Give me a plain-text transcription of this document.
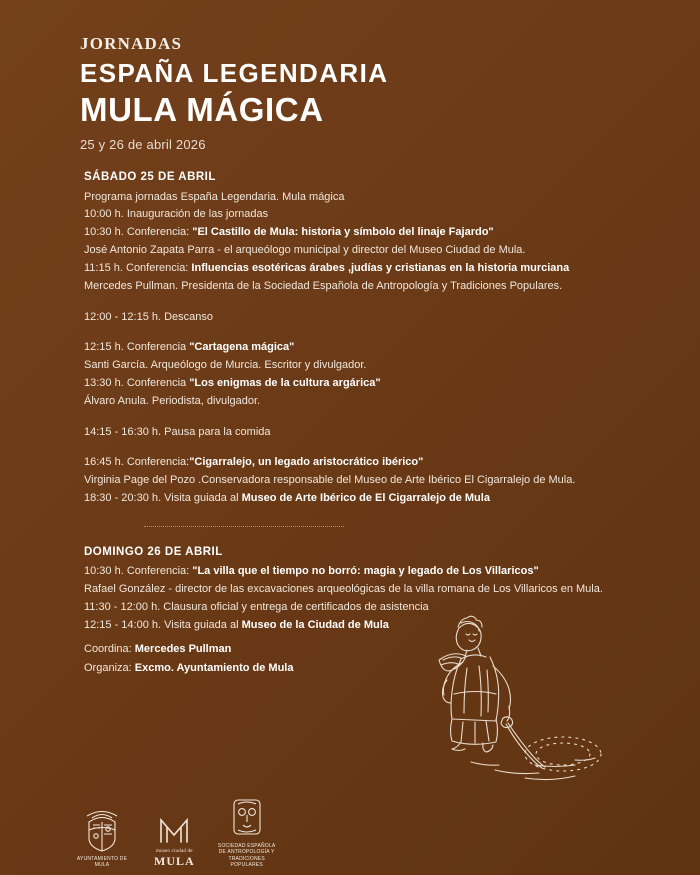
JORNADAS
ESPAÑA LEGENDARIA
MULA MÁGICA
25 y 26 de abril 2026
SÁBADO 25 DE ABRIL

Programa jornadas España Legendaria. Mula mágica

10:00 h. Inauguración de las jornadas

10:30 h. Conferencia: "El Castillo de Mula: historia y símbolo del linaje Fajardo"

José Antonio Zapata Parra - el arqueólogo municipal y director del Museo Ciudad de Mula.

11:15 h. Conferencia: Influencias esotéricas árabes ,judías y cristianas en la historia murciana

Mercedes Pullman. Presidenta de la Sociedad Española de Antropología y Tradiciones Populares.

12:00 - 12:15 h. Descanso

12:15 h. Conferencia "Cartagena mágica"

Santi García. Arqueólogo de Murcia. Escritor y divulgador.

13:30 h. Conferencia "Los enigmas de la cultura argárica"

Álvaro Anula. Periodista, divulgador.

14:15 - 16:30 h. Pausa para la comida

16:45 h. Conferencia:"Cigarralejo, un legado aristocrático ibérico"

Virginia Page del Pozo .Conservadora responsable del Museo de Arte Ibérico El Cigarralejo de Mula.

18:30 - 20:30 h. Visita guiada al Museo de Arte Ibérico de El Cigarralejo de Mula

DOMINGO 26 DE ABRIL

10:30 h. Conferencia: "La villa que el tiempo no borró: magia y legado de Los Villaricos"

Rafael González - director de las excavaciones arqueológicas de la villa romana de Los Villaricos en Mula.

11:30 - 12:00 h. Clausura oficial y entrega de certificados de asistencia

12:15 - 14:00 h. Visita guiada al Museo de la Ciudad de Mula

Coordina: Mercedes Pullman

Organiza: Excmo. Ayuntamiento de Mula

AYUNTAMIENTO DE MULA
museo ciudad de
MULA
SOCIEDAD ESPAÑOLA DE ANTROPOLOGÍA Y TRADICIONES POPULARES
